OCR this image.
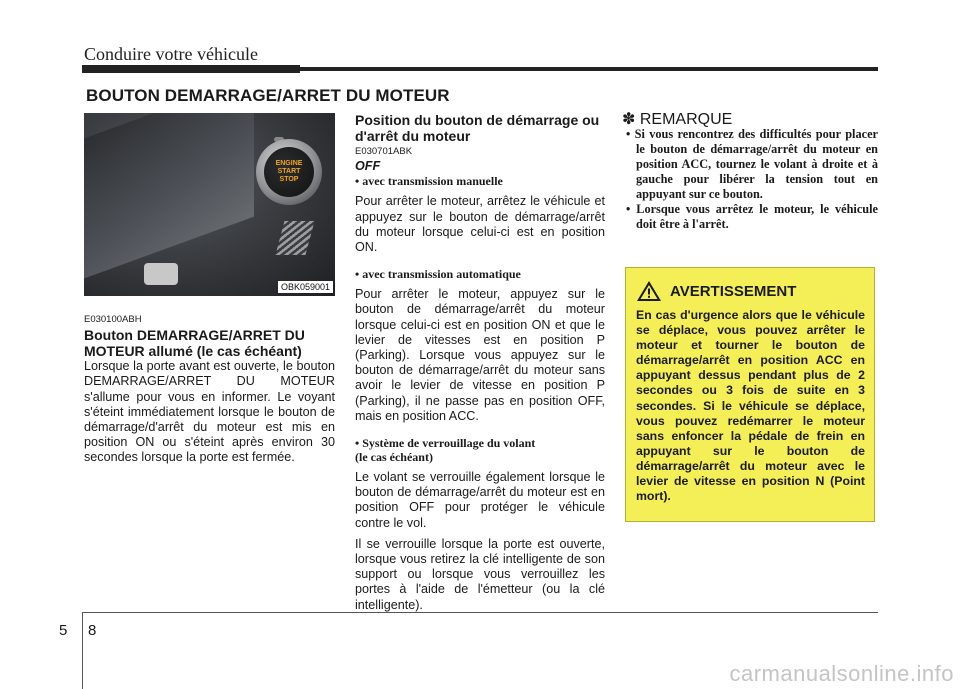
Conduire votre véhicule
BOUTON DEMARRAGE/ARRET DU MOTEUR
ENGINE
START
STOP
OBK059001

E030100ABH

Bouton DEMARRAGE/ARRET DU MOTEUR allumé (le cas échéant)

Lorsque la porte avant est ouverte, le bouton DEMARRAGE/ARRET DU MOTEUR s'allume pour vous en informer. Le voyant s'éteint immédiatement lorsque le bouton de démarrage/d'arrêt du moteur est mis en position ON ou s'éteint après environ 30 secondes lorsque la porte est fermée.

Position du bouton de démarrage ou d'arrêt du moteur

E030701ABK

OFF

• avec transmission manuelle

Pour arrêter le moteur, arrêtez le véhicule et appuyez sur le bouton de démarrage/arrêt du moteur lorsque celui-ci est en position ON.

• avec transmission automatique

Pour arrêter le moteur, appuyez sur le bouton de démarrage/arrêt du moteur lorsque celui-ci est en position ON et que le levier de vitesses est en position P (Parking). Lorsque vous appuyez sur le bouton de démarrage/arrêt du moteur sans avoir le levier de vitesse en position P (Parking), il ne passe pas en position OFF, mais en position ACC.

• Système de verrouillage du volant

(le cas échéant)

Le volant se verrouille également lorsque le bouton de démarrage/arrêt du moteur est en position OFF pour protéger le véhicule contre le vol.

Il se verrouille lorsque la porte est ouverte, lorsque vous retirez la clé intelligente de son support ou lorsque vous verrouillez les portes à l'aide de l'émetteur (ou la clé intelligente).

✽ REMARQUE

• Si vous rencontrez des difficultés pour placer le bouton de démarrage/arrêt du moteur en position ACC, tournez le volant à droite et à gauche pour libérer la tension tout en appuyant sur ce bouton.
• Lorsque vous arrêtez le moteur, le véhicule doit être à l'arrêt.
AVERTISSEMENT

En cas d'urgence alors que le véhicule se déplace, vous pouvez arrêter le moteur et tourner le bouton de démarrage/arrêt en position ACC en appuyant dessus pendant plus de 2 secondes ou 3 fois de suite en 3 secondes. Si le véhicule se déplace, vous pouvez redémarrer le moteur sans enfoncer la pédale de frein en appuyant sur le bouton de démarrage/arrêt du moteur avec le levier de vitesse en position N (Point mort).

5 8
carmanualsonline.info
